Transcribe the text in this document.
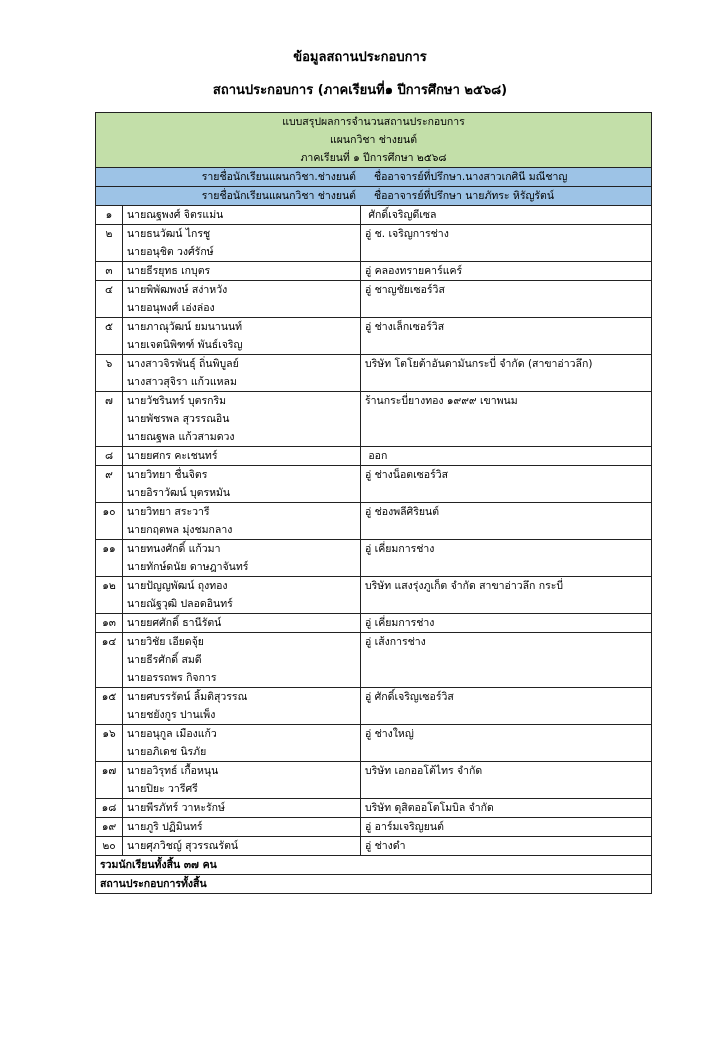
ข้อมูลสถานประกอบการ
สถานประกอบการ (ภาคเรียนที่๑ ปีการศึกษา ๒๕๖๘)
แบบสรุปผลการจำนวนสถานประกอบการ		
แผนกวิชา ช่างยนต์		
ภาคเรียนที่ ๑ ปีการศึกษา ๒๕๖๘		

รายชื่อนักเรียนแผนกวิชา.ช่างยนต์ ชื่ออาจารย์ที่ปรึกษา.นางสาวเกศินี มณีชาญ		

รายชื่อนักเรียนแผนกวิชา ช่างยนต์ ชื่ออาจารย์ที่ปรึกษา นายภัทระ หิรัญรัตน์		

๑	นายณฐพงศ์ จิตรแม่น	ศักดิ์เจริญดีเซล

๒	นายธนวัฒน์ ไกรชู
นายอนุชิต วงศ์รักษ์	อู่ ช. เจริญการช่าง

๓	นายธีรยุทธ เกบุตร	อู่ คลองทรายคาร์แคร์

๔	นายพิพัฒพงษ์ สง่าหวัง
นายอนุพงศ์ เอ่งล่อง	อู่ ชาญชัยเซอร์วิส

๕	นายภาณุวัฒน์ ยมนานนท์
นายเจตนิพิฑฑ์ พันธ์เจริญ	อู่ ช่างเล็กเซอร์วิส

๖	นางสาวจิรพันธุ์ ถิ่นพิบูลย์
นางสาวสุจิรา แก้วแหลม	บริษัท โตโยต้าอันดามันกระบี่ จำกัด (สาขาอ่าวลึก)

๗	นายวัชรินทร์ บุตรกริม
นายพัชรพล สุวรรณอิน
นายณฐพล แก้วสามดวง	ร้านกระบี่ยางทอง ๑๙๙๙ เขาพนม

๘	นายยศกร คะเชนทร์	ออก

๙	นายวิทยา ชื่นจิตร
นายอิราวัฒน์ บุตรหมัน	อู่ ช่างน็อตเซอร์วิส

๑๐	นายวิทยา สระวารี
นายกฤตพล มุ่งชมกลาง	อู่ ช่องพลีศิริยนต์

๑๑	นายทนงศักดิ์ แก้วมา
นายทักษ์ดนัย ดาษฎาจันทร์	อู่ เคี่ยมการช่าง

๑๒	นายปัญญพัฒน์ ถุงทอง
นายณัฐวุฒิ ปลอดอินทร์	บริษัท แสงรุ่งภูเก็ต จำกัด สาขาอ่าวลึก กระบี่

๑๓	นายยศศักดิ์ ธานีรัตน์	อู่ เคี่ยมการช่าง

๑๔	นายวิชัย เอียดจุ้ย
นายธีรศักดิ์ สมดี
นายอรรถพร กิจการ	อู่ เส้งการช่าง

๑๕	นายศบรรรัตน์ ลิ้มติสุวรรณ
นายชยังกูร ปานเพ็ง	อู่ ศักดิ์เจริญเซอร์วิส

๑๖	นายอนุกูล เมืองแก้ว
นายอภิเดช นิรภัย	อู่ ช่างใหญ่

๑๗	นายอวิรุทธ์ เกื้อหนุน
นายปิยะ วารีศรี	บริษัท เอกออโต้ไทร จำกัด

๑๘	นายพีรภัทร์ วาหะรักษ์	บริษัท ดุสิตออโตโมบิล จำกัด

๑๙	นายภูริ ปฏิมินทร์	อู่ อาร์มเจริญยนต์

๒๐	นายศุภวิชญ์ สุวรรณรัตน์	อู่ ช่างดำ

รวมนักเรียนทั้งสิ้น ๓๗ คน		
สถานประกอบการทั้งสิ้น		
